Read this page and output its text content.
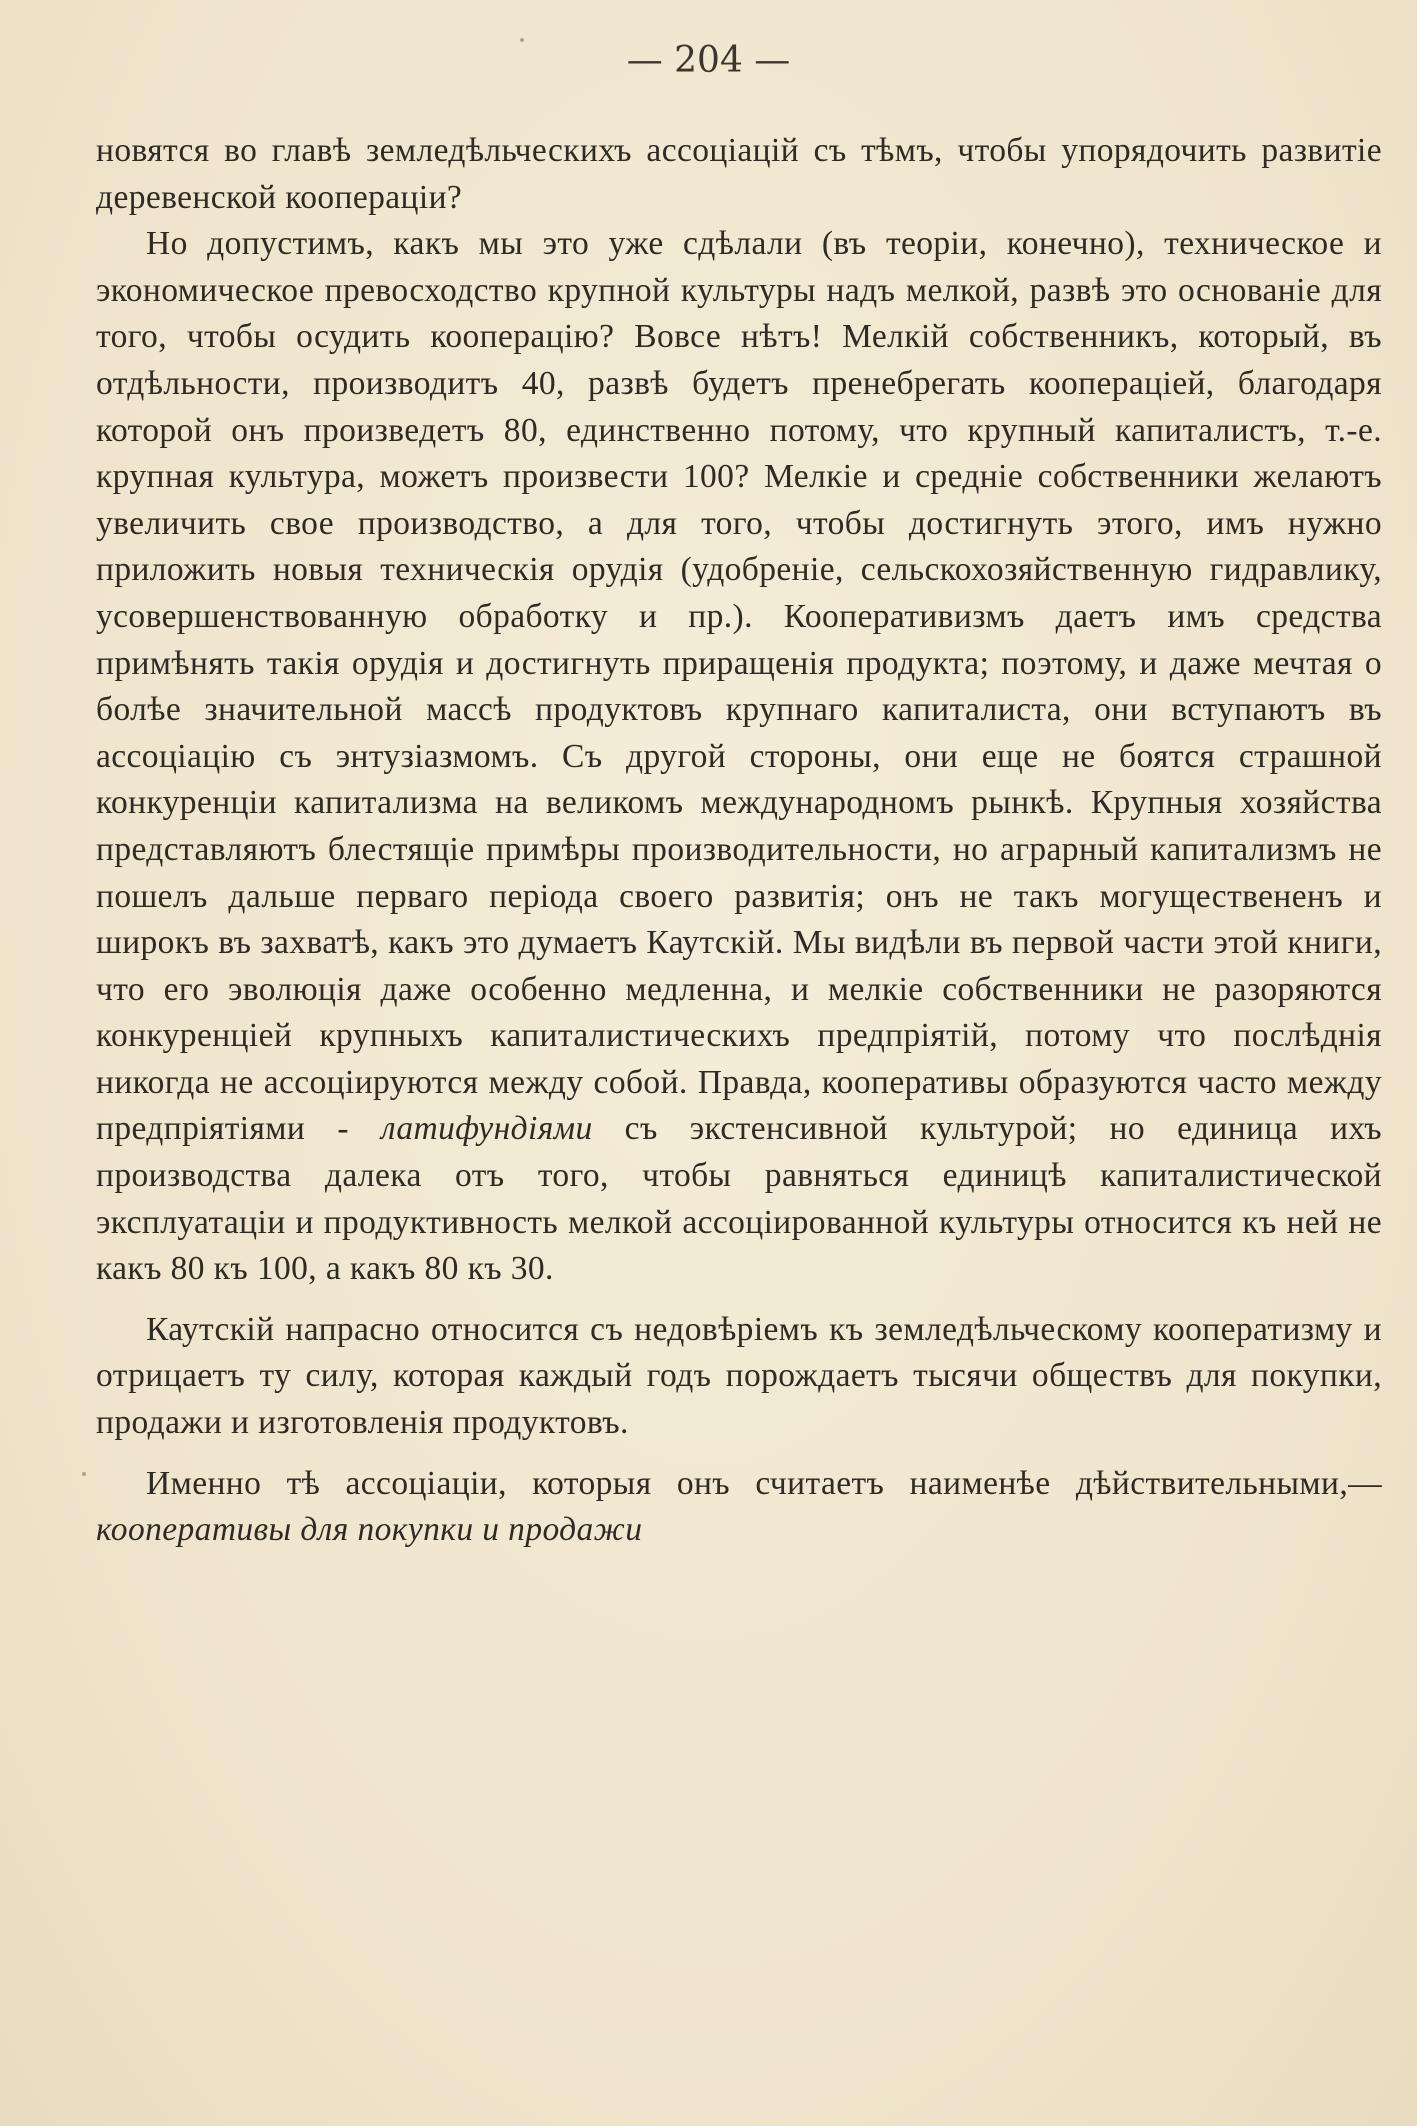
— 204 —

новятся во главѣ земледѣльческихъ ассоціацій съ тѣмъ, чтобы упорядочить развитіе деревенской кооперацiи?

Но допустимъ, какъ мы это уже сдѣлали (въ теоріи, конечно), техническое и экономическое превосходство крупной культуры надъ мелкой, развѣ это основаніе для того, чтобы осудить кооперацію? Вовсе нѣтъ! Мелкій собственникъ, который, въ отдѣльности, производитъ 40, развѣ будетъ пренебрегать кооперацiей, благодаря которой онъ произведетъ 80, единственно потому, что крупный капиталистъ, т.-е. крупная культура, можетъ произвести 100? Мелкіе и средніе собственники желаютъ увеличить свое производство, а для того, чтобы достигнуть этого, имъ нужно приложить новыя техническія орудія (удобреніе, сельскохозяйственную гидравлику, усовершенствованную обработку и пр.). Кооперативизмъ даетъ имъ средства примѣнять такія орудія и достигнуть приращенія продукта; поэтому, и даже мечтая о болѣе значительной массѣ продуктовъ крупнаго капиталиста, они вступаютъ въ ассоціацію съ энтузіазмомъ. Съ другой стороны, они еще не боятся страшной конкуренціи капитализма на великомъ международномъ рынкѣ. Крупныя хозяйства представляютъ блестящіе примѣры производительности, но аграрный капитализмъ не пошелъ дальше перваго періода своего развитія; онъ не такъ могущественeнъ и широкъ въ захватѣ, какъ это думаетъ Каутскій. Мы видѣли въ первой части этой книги, что его эволюція даже особенно медленна, и мелкіе собственники не разоряются конкуренціей крупныхъ капиталистическихъ предпріятій, потому что послѣднія никогда не ассоціируются между собой. Правда, кооперативы образуются часто между предпріятіями - латифундіями съ экстенсивной культурой; но единица ихъ производства далека отъ того, чтобы равняться единицѣ капиталистической эксплуатаціи и продуктивность мелкой ассоціированной культуры относится къ ней не какъ 80 къ 100, а какъ 80 къ 30.

Каутскій напрасно относится съ недовѣріемъ къ земледѣльческому кооператизму и отрицаетъ ту силу, которая каждый годъ порождаетъ тысячи обществъ для покупки, продажи и изготовленія продуктовъ.

Именно тѣ ассоціаціи, которыя онъ считаетъ наименѣе дѣйствительными,—кооперативы для покупки и продажи
